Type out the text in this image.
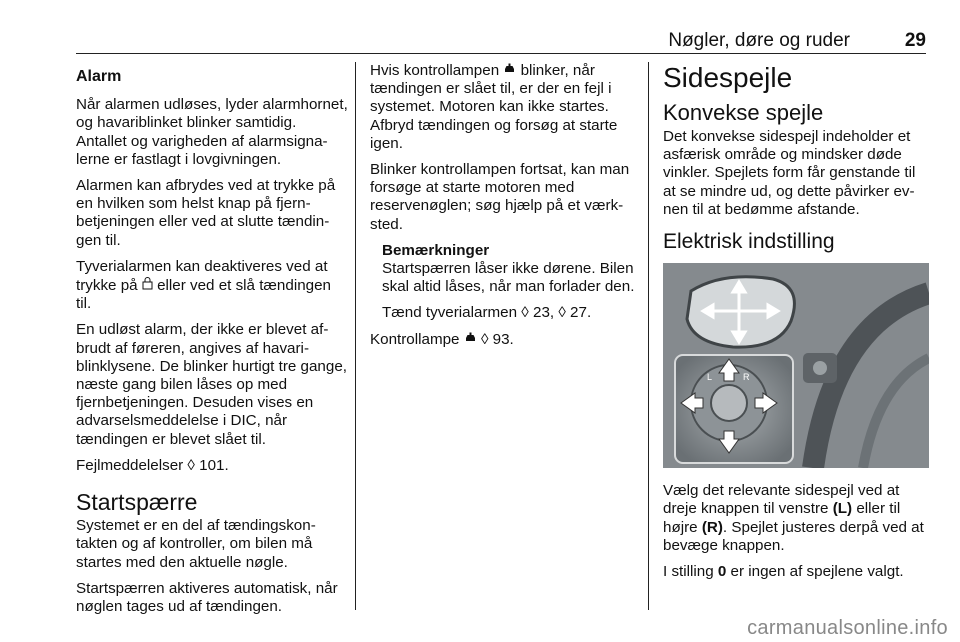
Nøgler, døre og ruder	29
Alarm

Når alarmen udløses, lyder alarmhornet, og havariblinket blinker samtidig. Antallet og varigheden af alarmsignalerne er fastlagt i lovgivningen.

Alarmen kan afbrydes ved at trykke på en hvilken som helst knap på fjernbetjeningen eller ved at slutte tændingen til.

Tyverialarmen kan deaktiveres ved at trykke på  eller ved et slå tændingen til.

En udløst alarm, der ikke er blevet afbrudt af føreren, angives af havariblinklysene. De blinker hurtigt tre gange, næste gang bilen låses op med fjernbetjeningen. Desuden vises en advarselsmeddelelse i DIC, når tændingen er blevet slået til.

Fejlmeddelelser ◊ 101.

Startspærre

Systemet er en del af tændingskontakten og af kontroller, om bilen må startes med den aktuelle nøgle.

Startspærren aktiveres automatisk, når nøglen tages ud af tændingen.

Hvis kontrollampen  blinker, når tændingen er slået til, er der en fejl i systemet. Motoren kan ikke startes. Afbryd tændingen og forsøg at starte igen.

Blinker kontrollampen fortsat, kan man forsøge at starte motoren med reservenøglen; søg hjælp på et værksted.

Bemærkninger

Startspærren låser ikke dørene. Bilen skal altid låses, når man forlader den.

Tænd tyverialarmen ◊ 23, ◊ 27.

Kontrollampe  ◊ 93.

Sidespejle
Konvekse spejle

Det konvekse sidespejl indeholder et asfærisk område og mindsker døde vinkler. Spejlets form får genstande til at se mindre ud, og dette påvirker evnen til at bedømme afstande.

Elektrisk indstilling
L	R

Vælg det relevante sidespejl ved at dreje knappen til venstre (L) eller til højre (R). Spejlet justeres derpå ved at bevæge knappen.

I stilling 0 er ingen af spejlene valgt.

carmanualsonline.info
